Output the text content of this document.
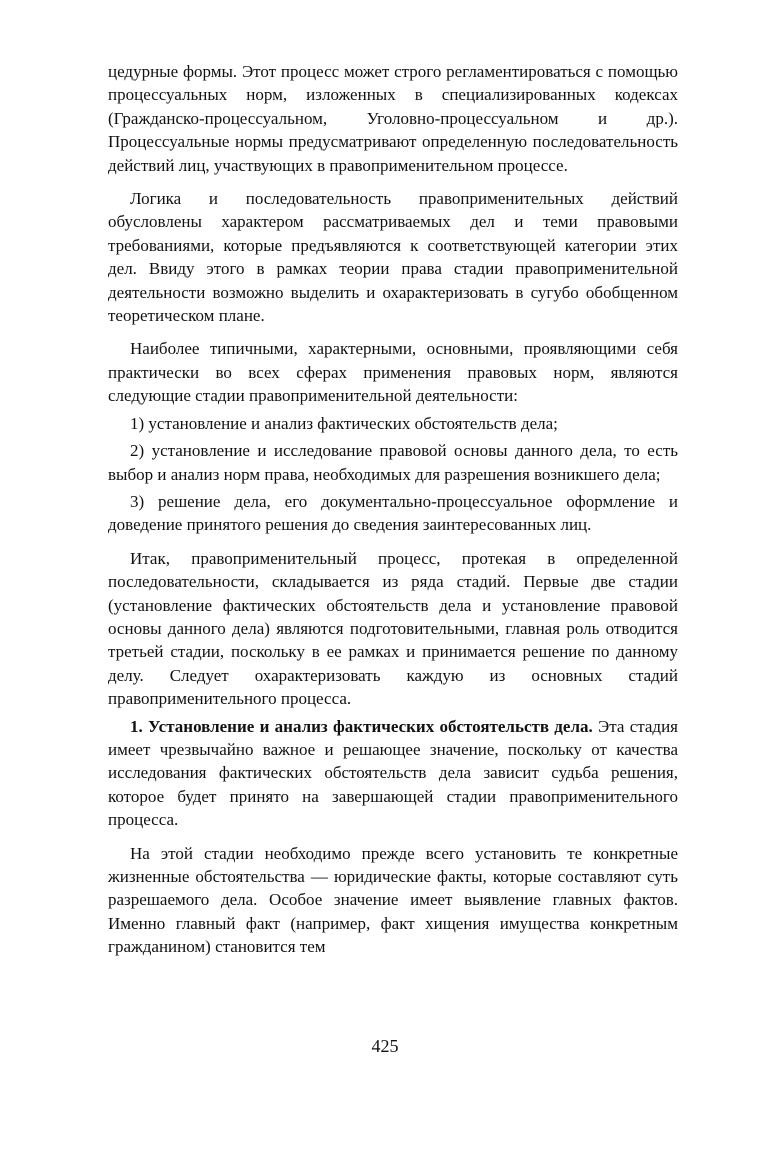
цедурные формы. Этот процесс может строго регламентироваться с помощью процессуальных норм, изложенных в специализированных кодексах (Гражданско-процессуальном, Уголовно-процессуальном и др.). Процессуальные нормы предусматривают определенную последовательность действий лиц, участвующих в правоприменительном процессе.

Логика и последовательность правоприменительных действий обусловлены характером рассматриваемых дел и теми правовыми требованиями, которые предъявляются к соответствующей категории этих дел. Ввиду этого в рамках теории права стадии правоприменительной деятельности возможно выделить и охарактеризовать в сугубо обобщенном теоретическом плане.

Наиболее типичными, характерными, основными, проявляющими себя практически во всех сферах применения правовых норм, являются следующие стадии правоприменительной деятельности:

1) установление и анализ фактических обстоятельств дела;

2) установление и исследование правовой основы данного дела, то есть выбор и анализ норм права, необходимых для разрешения возникшего дела;

3) решение дела, его документально-процессуальное оформление и доведение принятого решения до сведения заинтересованных лиц.

Итак, правоприменительный процесс, протекая в определенной последовательности, складывается из ряда стадий. Первые две стадии (установление фактических обстоятельств дела и установление правовой основы данного дела) являются подготовительными, главная роль отводится третьей стадии, поскольку в ее рамках и принимается решение по данному делу. Следует охарактеризовать каждую из основных стадий правоприменительного процесса.

1. Установление и анализ фактических обстоятельств дела. Эта стадия имеет чрезвычайно важное и решающее значение, поскольку от качества исследования фактических обстоятельств дела зависит судьба решения, которое будет принято на завершающей стадии правоприменительного процесса.

На этой стадии необходимо прежде всего установить те конкретные жизненные обстоятельства — юридические факты, которые составляют суть разрешаемого дела. Особое значение имеет выявление главных фактов. Именно главный факт (например, факт хищения имущества конкретным гражданином) становится тем

425
